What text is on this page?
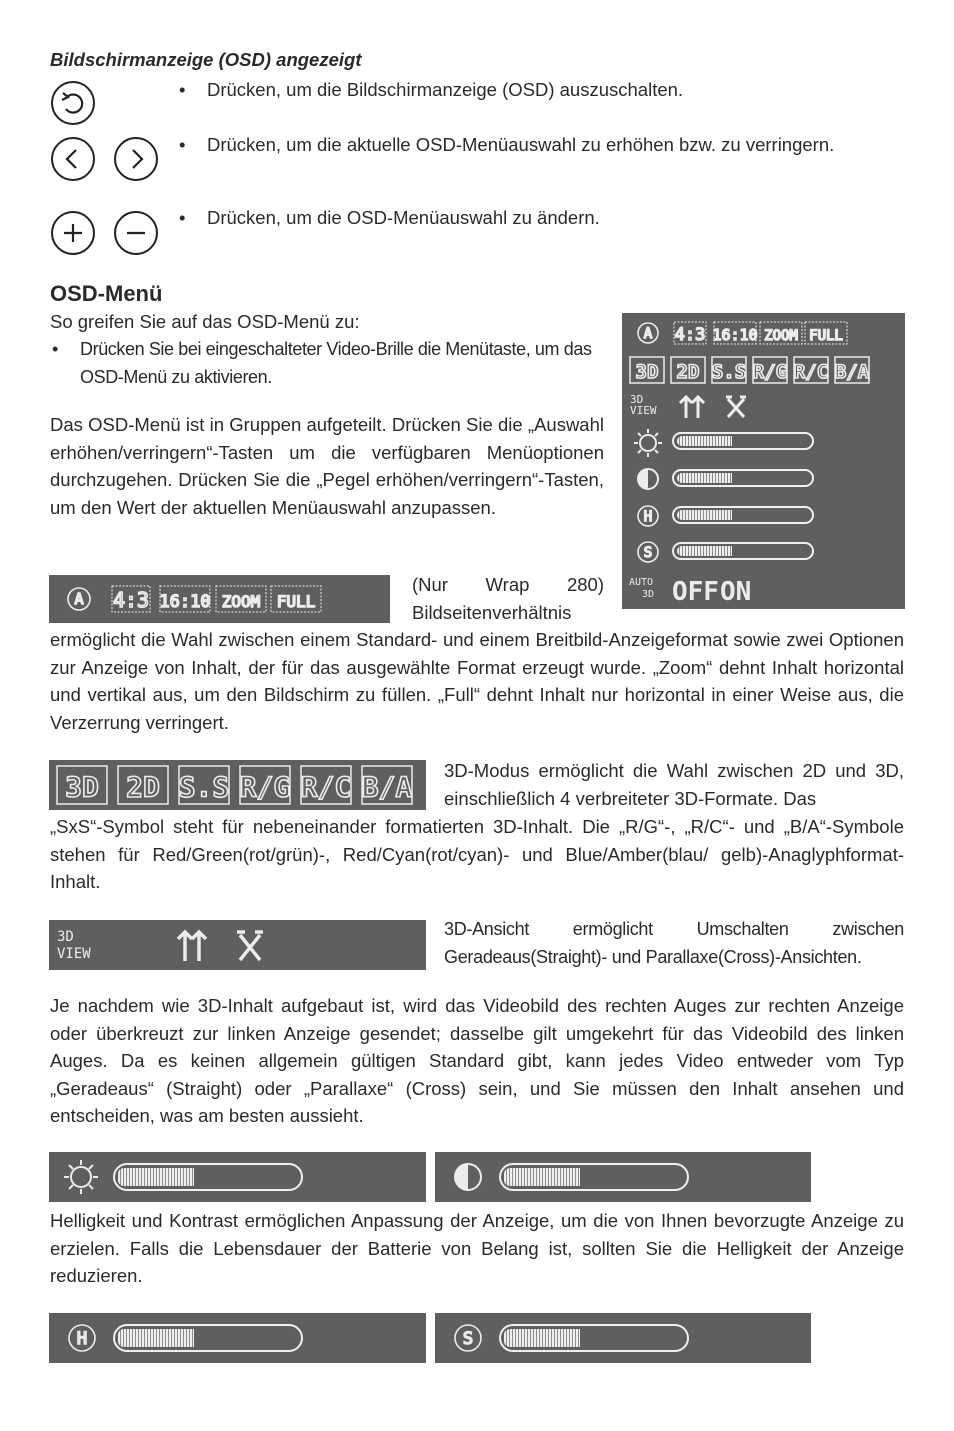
Bildschirmanzeige (OSD) angezeigt
• Drücken, um die Bildschirmanzeige (OSD) auszuschalten.
• Drücken, um die aktuelle OSD-Menüauswahl zu erhöhen bzw. zu verringern.
• Drücken, um die OSD-Menüauswahl zu ändern.
OSD-Menü
So greifen Sie auf das OSD-Menü zu:
• Drücken Sie bei eingeschalteter Video-Brille die Menütaste, um das OSD-Menü zu aktivieren.
Das OSD-Menü ist in Gruppen aufgeteilt. Drücken Sie die „Auswahl erhöhen/verringern“-Tasten um die verfügbaren Menüoptionen durchzugehen. Drücken Sie die „Pegel erhöhen/verringern“-Tasten, um den Wert der aktuellen Menüauswahl anzupassen.
A 4:3 16:10 ZOOM FULL
3D 2D S.S R/G R/C B/A
3D
VIEW
H
S
AUTO
3D OFF ON
A 4:3 16:10 ZOOM FULL
(Nur Wrap 280) Bildseitenverhältnis
ermöglicht die Wahl zwischen einem Standard- und einem Breitbild-Anzeigeformat sowie zwei Optionen zur Anzeige von Inhalt, der für das ausgewählte Format erzeugt wurde. „Zoom“ dehnt Inhalt horizontal und vertikal aus, um den Bildschirm zu füllen. „Full“ dehnt Inhalt nur horizontal in einer Weise aus, die Verzerrung verringert.
3D 2D S.S R/G R/C B/A 3D-Modus ermöglicht die Wahl zwischen 2D und 3D, einschließlich 4 verbreiteter 3D-Formate. Das
„SxS“-Symbol steht für nebeneinander formatierten 3D-Inhalt. Die „R/G“-, „R/C“- und „B/A“-Symbole stehen für Red/Green(rot/grün)-, Red/Cyan(rot/cyan)- und Blue/Amber(blau/ gelb)-Anaglyphformat-Inhalt.
3D
VIEW
3D-Ansicht ermöglicht Umschalten zwischen Geradeaus(Straight)- und Parallaxe(Cross)-Ansichten.
Je nachdem wie 3D-Inhalt aufgebaut ist, wird das Videobild des rechten Auges zur rechten Anzeige oder überkreuzt zur linken Anzeige gesendet; dasselbe gilt umgekehrt für das Videobild des linken Auges. Da es keinen allgemein gültigen Standard gibt, kann jedes Video entweder vom Typ „Geradeaus“ (Straight) oder „Parallaxe“ (Cross) sein, und Sie müssen den Inhalt ansehen und entscheiden, was am besten aussieht.
Helligkeit und Kontrast ermöglichen Anpassung der Anzeige, um die von Ihnen bevorzugte Anzeige zu erzielen. Falls die Lebensdauer der Batterie von Belang ist, sollten Sie die Helligkeit der Anzeige reduzieren.
H	S
